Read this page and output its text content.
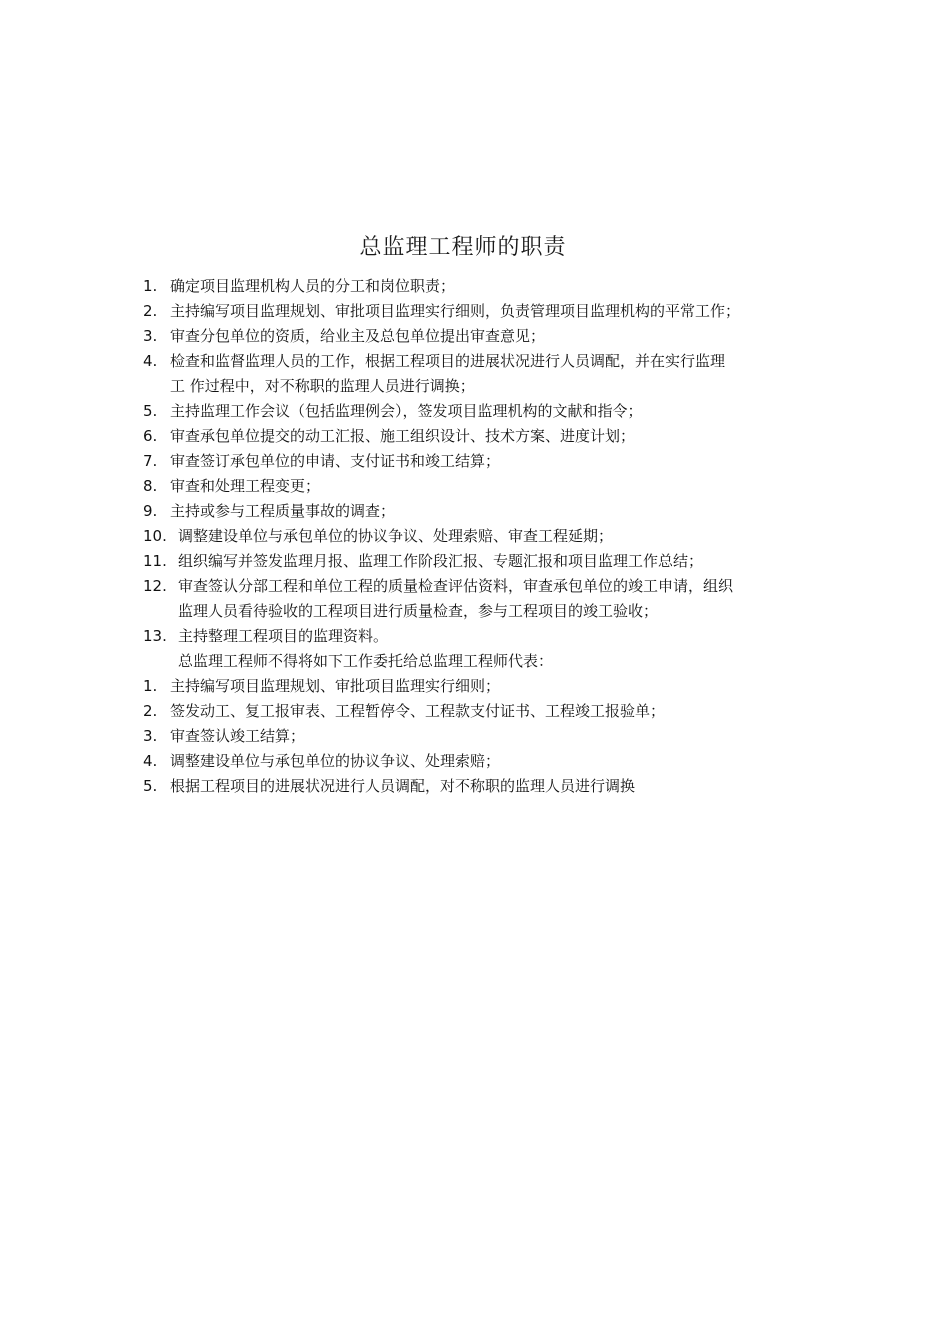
总监理工程师的职责
1. 确定项目监理机构人员的分工和岗位职责；
2. 主持编写项目监理规划、审批项目监理实行细则，负责管理项目监理机构的平常工作；
3. 审查分包单位的资质，给业主及总包单位提出审查意见；
4. 检查和监督监理人员的工作，根据工程项目的进展状况进行人员调配，并在实行监理
工 作过程中，对不称职的监理人员进行调换；
5. 主持监理工作会议（包括监理例会），签发项目监理机构的文献和指令；
6. 审查承包单位提交的动工汇报、施工组织设计、技术方案、进度计划；
7. 审查签订承包单位的申请、支付证书和竣工结算；
8. 审查和处理工程变更；
9. 主持或参与工程质量事故的调查；
10. 调整建设单位与承包单位的协议争议、处理索赔、审查工程延期；
11. 组织编写并签发监理月报、监理工作阶段汇报、专题汇报和项目监理工作总结；
12. 审查签认分部工程和单位工程的质量检查评估资料，审查承包单位的竣工申请，组织
监理人员看待验收的工程项目进行质量检查，参与工程项目的竣工验收；
13. 主持整理工程项目的监理资料。
总监理工程师不得将如下工作委托给总监理工程师代表：
1. 主持编写项目监理规划、审批项目监理实行细则；
2. 签发动工、复工报审表、工程暂停令、工程款支付证书、工程竣工报验单；
3. 审查签认竣工结算；
4. 调整建设单位与承包单位的协议争议、处理索赔；
5. 根据工程项目的进展状况进行人员调配，对不称职的监理人员进行调换
